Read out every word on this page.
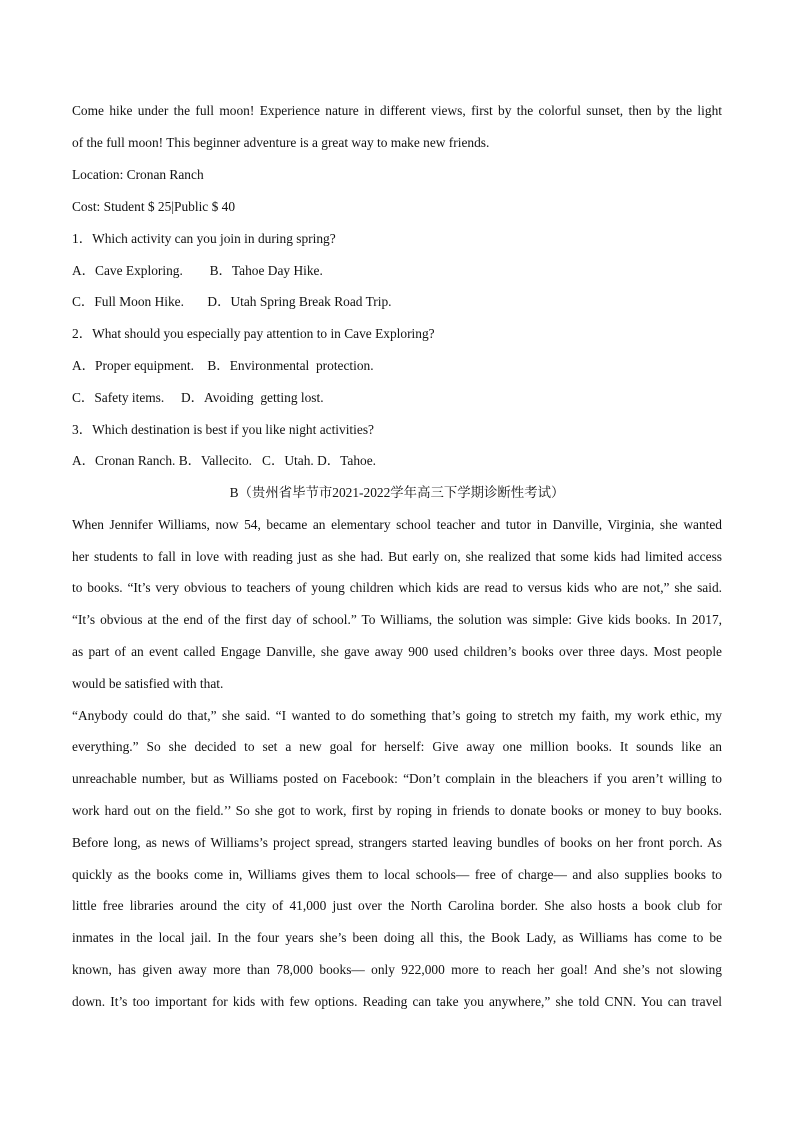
Come hike under the full moon! Experience nature in different views, first by the colorful sunset, then by the light
of the full moon! This beginner adventure is a great way to make new friends.
Location: Cronan Ranch
Cost: Student $ 25|Public $ 40
1．Which activity can you join in during spring?
A．Cave Exploring.        B．Tahoe Day Hike.
C．Full Moon Hike.       D．Utah Spring Break Road Trip.
2．What should you especially pay attention to in Cave Exploring?
A．Proper equipment.    B．Environmental  protection.
C．Safety items.     D．Avoiding  getting lost.
3．Which destination is best if you like night activities?
A．Cronan Ranch. B．Vallecito.   C．Utah. D．Tahoe.
B（贵州省毕节市2021-2022学年高三下学期诊断性考试）
When Jennifer Williams, now 54, became an elementary school teacher and tutor in Danville, Virginia, she wanted
her students to fall in love with reading just as she had. But early on, she realized that some kids had limited access
to books. “It’s very obvious to teachers of young children which kids are read to versus kids who are not,” she said.
“It’s obvious at the end of the first day of school.” To Williams, the solution was simple: Give kids books. In 2017,
as part of an event called Engage Danville, she gave away 900 used children’s books over three days. Most people
would be satisfied with that.
“Anybody could do that,” she said. “I wanted to do something that’s going to stretch my faith, my work ethic, my
everything.” So she decided to set a new goal for herself: Give away one million books. It sounds like an
unreachable number, but as Williams posted on Facebook: “Don’t complain in the bleachers if you aren’t willing to
work hard out on the field.’’ So she got to work, first by roping in friends to donate books or money to buy books.
Before long, as news of Williams’s project spread, strangers started leaving bundles of books on her front porch. As
quickly as the books come in, Williams gives them to local schools— free of charge— and also supplies books to
little free libraries around the city of 41,000 just over the North Carolina border. She also hosts a book club for
inmates in the local jail. In the four years she’s been doing all this, the Book Lady, as Williams has come to be
known, has given away more than 78,000 books— only 922,000 more to reach her goal! And she’s not slowing
down. It’s too important for kids with few options. Reading can take you anywhere,” she told CNN. You can travel
